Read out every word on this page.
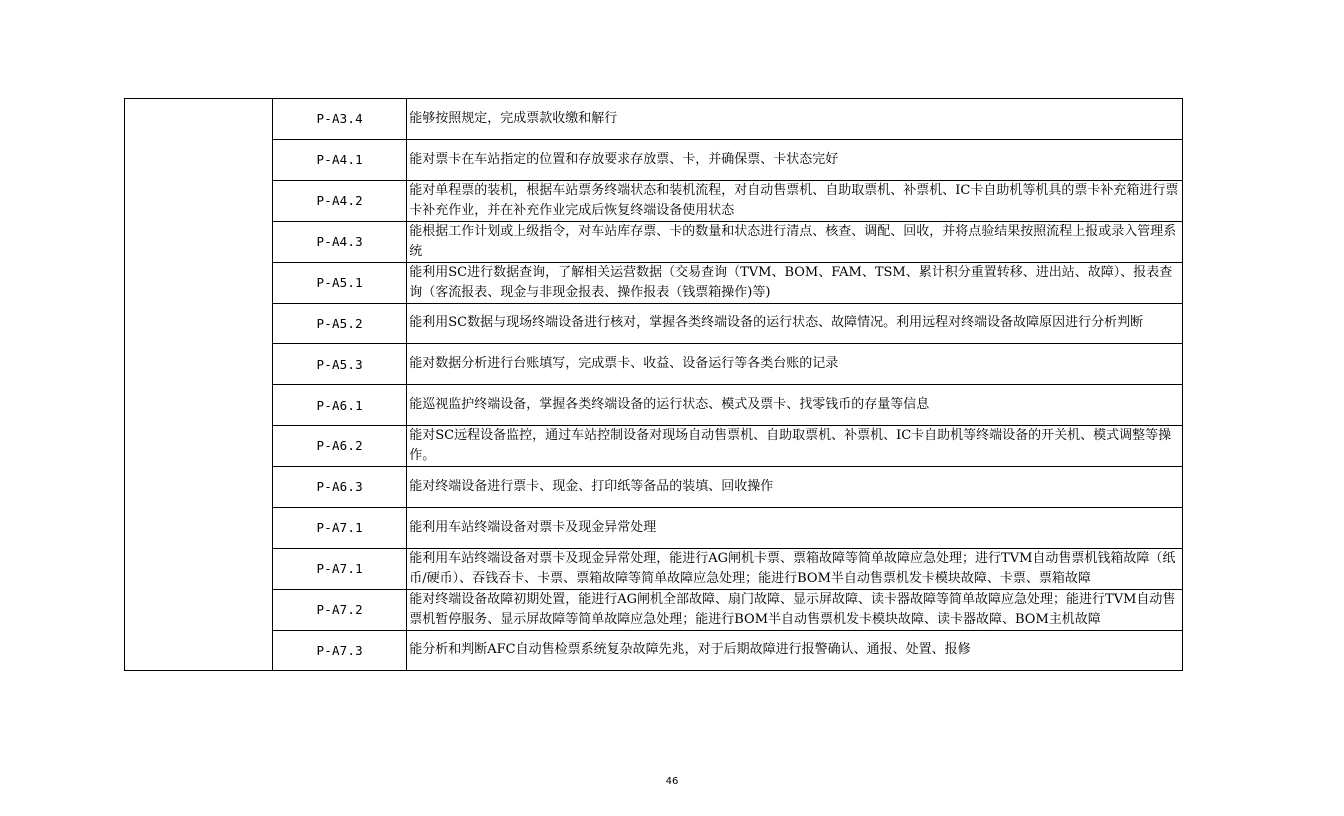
	P-A3.4	能够按照规定，完成票款收缴和解行

	P-A4.1	能对票卡在车站指定的位置和存放要求存放票、卡，并确保票、卡状态完好

	P-A4.2	能对单程票的装机，根据车站票务终端状态和装机流程，对自动售票机、自助取票机、补票机、IC卡自助机等机具的票卡补充箱进行票卡补充作业，并在补充作业完成后恢复终端设备使用状态

	P-A4.3	能根据工作计划或上级指令，对车站库存票、卡的数量和状态进行清点、核查、调配、回收，并将点验结果按照流程上报或录入管理系统

	P-A5.1	能利用SC进行数据查询，了解相关运营数据（交易查询（TVM、BOM、FAM、TSM、累计积分重置转移、进出站、故障）、报表查询（客流报表、现金与非现金报表、操作报表（钱票箱操作)等)

	P-A5.2	能利用SC数据与现场终端设备进行核对，掌握各类终端设备的运行状态、故障情况。利用远程对终端设备故障原因进行分析判断

	P-A5.3	能对数据分析进行台账填写，完成票卡、收益、设备运行等各类台账的记录

	P-A6.1	能巡视监护终端设备，掌握各类终端设备的运行状态、模式及票卡、找零钱币的存量等信息

	P-A6.2	能对SC远程设备监控，通过车站控制设备对现场自动售票机、自助取票机、补票机、IC卡自助机等终端设备的开关机、模式调整等操作。

	P-A6.3	能对终端设备进行票卡、现金、打印纸等备品的装填、回收操作

	P-A7.1	能利用车站终端设备对票卡及现金异常处理

	P-A7.1	能利用车站终端设备对票卡及现金异常处理，能进行AG闸机卡票、票箱故障等简单故障应急处理；进行TVM自动售票机钱箱故障（纸币/硬币）、吞钱吞卡、卡票、票箱故障等简单故障应急处理；能进行BOM半自动售票机发卡模块故障、卡票、票箱故障

	P-A7.2	能对终端设备故障初期处置，能进行AG闸机全部故障、扇门故障、显示屏故障、读卡器故障等简单故障应急处理；能进行TVM自动售票机暂停服务、显示屏故障等简单故障应急处理；能进行BOM半自动售票机发卡模块故障、读卡器故障、BOM主机故障

	P-A7.3	能分析和判断AFC自动售检票系统复杂故障先兆，对于后期故障进行报警确认、通报、处置、报修
46
